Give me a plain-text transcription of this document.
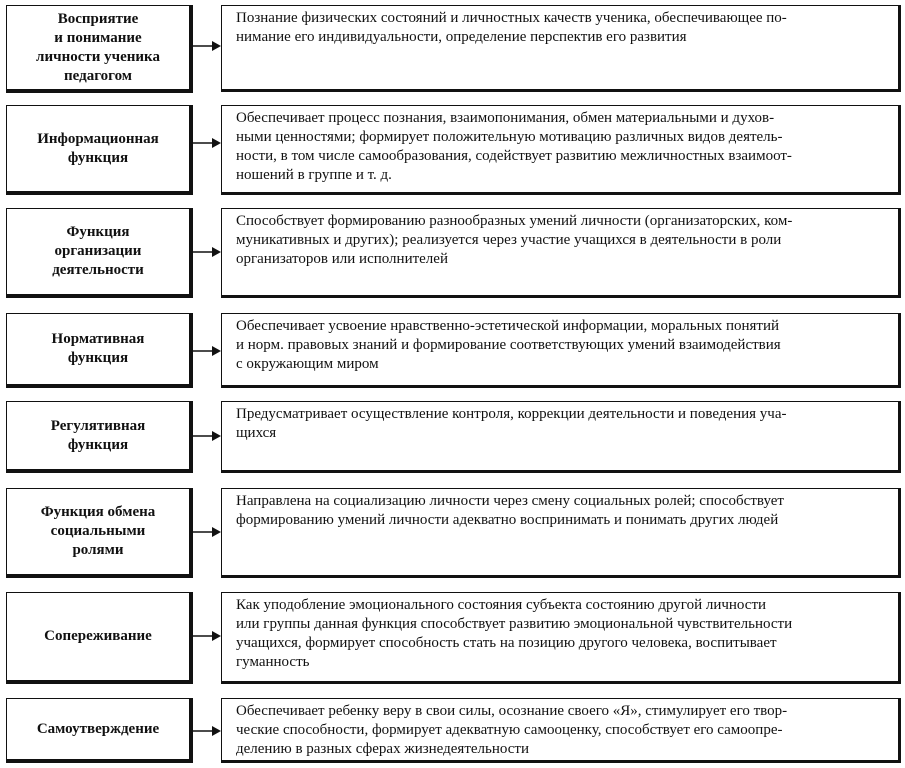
Восприятие
и понимание
личности ученика
педагогом
Познание физических состояний и личностных качеств ученика, обеспечивающее по-
нимание его индивидуальности, определение перспектив его развития
Информационная
функция
Обеспечивает процесс познания, взаимопонимания, обмен материальными и духов-
ными ценностями; формирует положительную мотивацию различных видов деятель-
ности, в том числе самообразования, содействует развитию межличностных взаимоот-
ношений в группе и т. д.
Функция
организации
деятельности
Способствует формированию разнообразных умений личности (организаторских, ком-
муникативных и других); реализуется через участие учащихся в деятельности в роли
организаторов или исполнителей
Нормативная
функция
Обеспечивает усвоение нравственно-эстетической информации, моральных понятий
и норм. правовых знаний и формирование соответствующих умений взаимодействия
с окружающим миром
Регулятивная
функция
Предусматривает осуществление контроля, коррекции деятельности и поведения уча-
щихся
Функция обмена
социальными
ролями
Направлена на социализацию личности через смену социальных ролей; способствует
формированию умений личности адекватно воспринимать и понимать других людей
Сопереживание
Как уподобление эмоционального состояния субъекта состоянию другой личности
или группы данная функция способствует развитию эмоциональной чувствительности
учащихся, формирует способность стать на позицию другого человека, воспитывает
гуманность
Самоутверждение
Обеспечивает ребенку веру в свои силы, осознание своего «Я», стимулирует его твор-
ческие способности, формирует адекватную самооценку, способствует его самоопре-
делению в разных сферах жизнедеятельности
